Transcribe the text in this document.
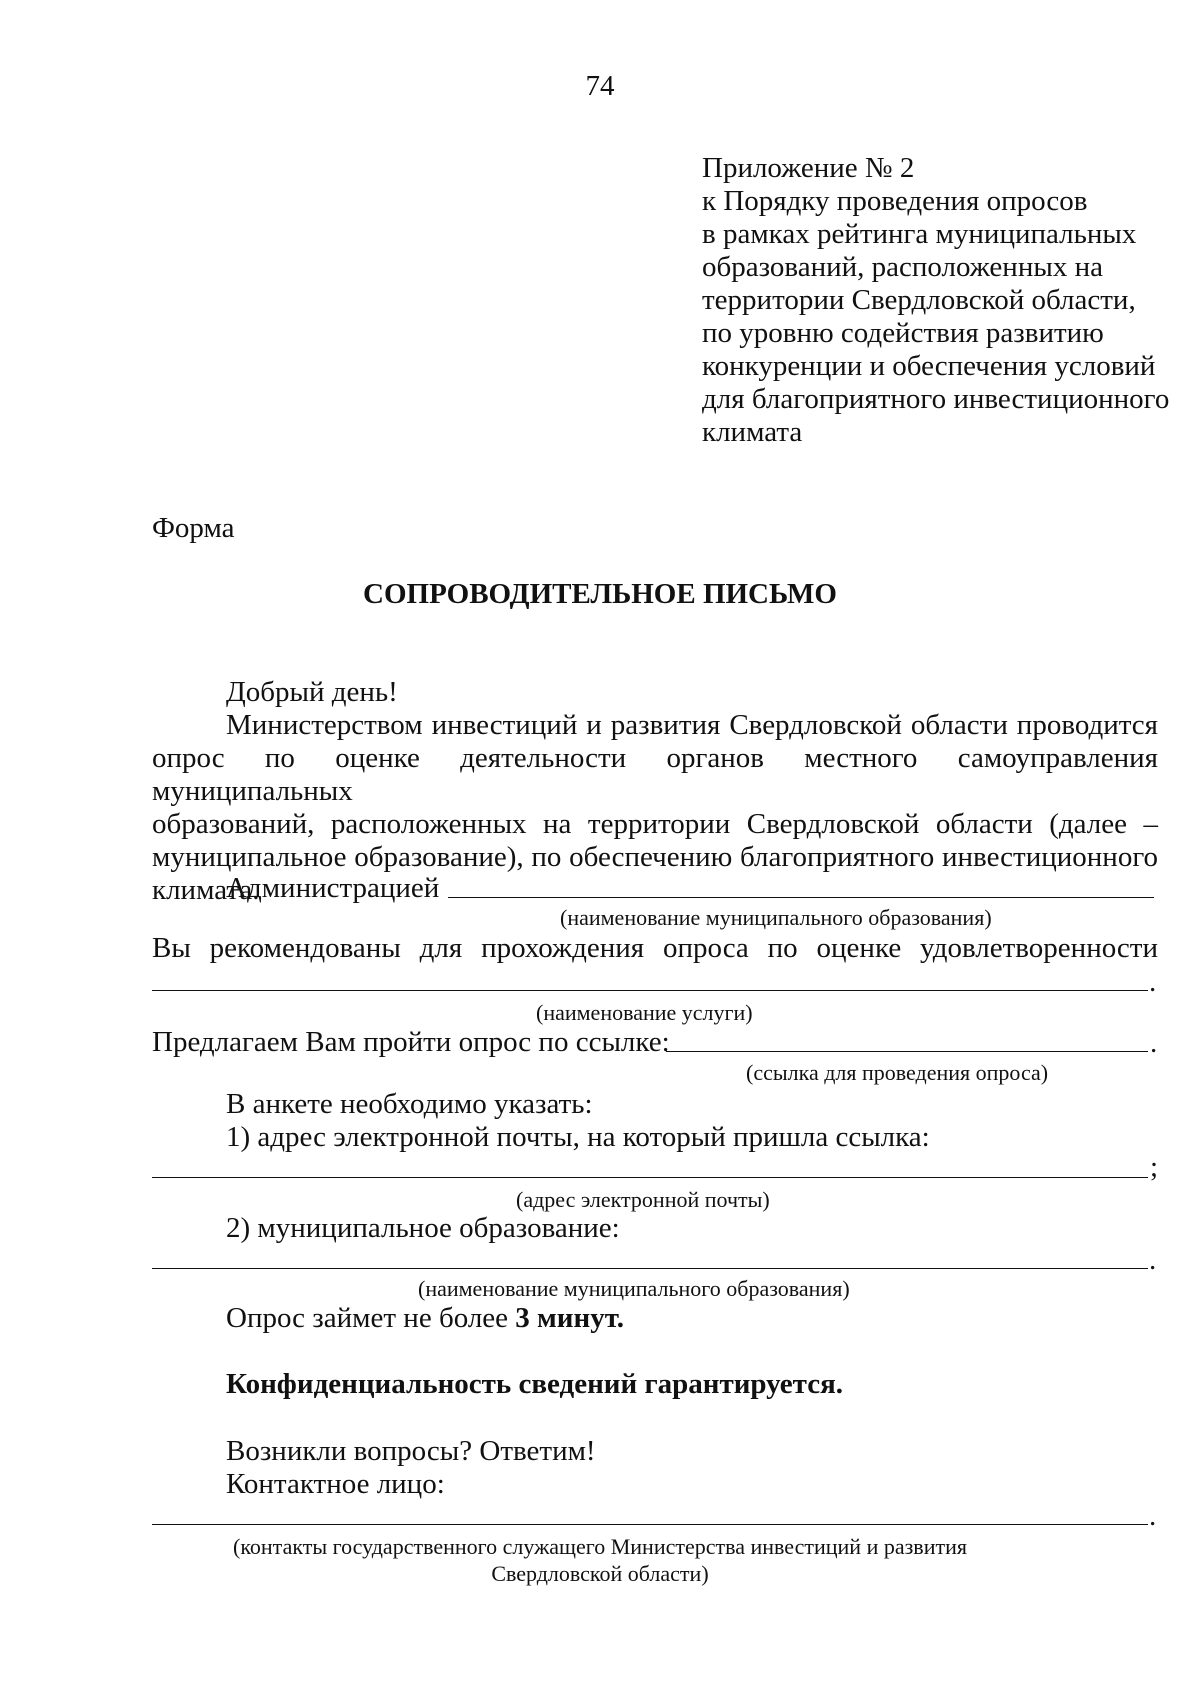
74
Приложение № 2
к Порядку проведения опросов
в рамках рейтинга муниципальных
образований, расположенных на
территории Свердловской области,
по уровню содействия развитию
конкуренции и обеспечения условий
для благоприятного инвестиционного
климата
Форма
СОПРОВОДИТЕЛЬНОЕ ПИСЬМО
Добрый день!
Министерством инвестиций и развития Свердловской области проводится
опрос по оценке деятельности органов местного самоуправления муниципальных
образований, расположенных на территории Свердловской области (далее –
муниципальное образование), по обеспечению благоприятного инвестиционного
климата.
Администрацией
(наименование муниципального образования)
Вы рекомендованы для прохождения опроса по оценке удовлетворенности
.
(наименование услуги)
Предлагаем Вам пройти опрос по ссылке:	.
(ссылка для проведения опроса)
В анкете необходимо указать:
1) адрес электронной почты, на который пришла ссылка:
;
(адрес электронной почты)
2) муниципальное образование:
.
(наименование муниципального образования)
Опрос займет не более 3 минут.
Конфиденциальность сведений гарантируется.
Возникли вопросы? Ответим!
Контактное лицо:
.
(контакты государственного служащего Министерства инвестиций и развития
Свердловской области)
